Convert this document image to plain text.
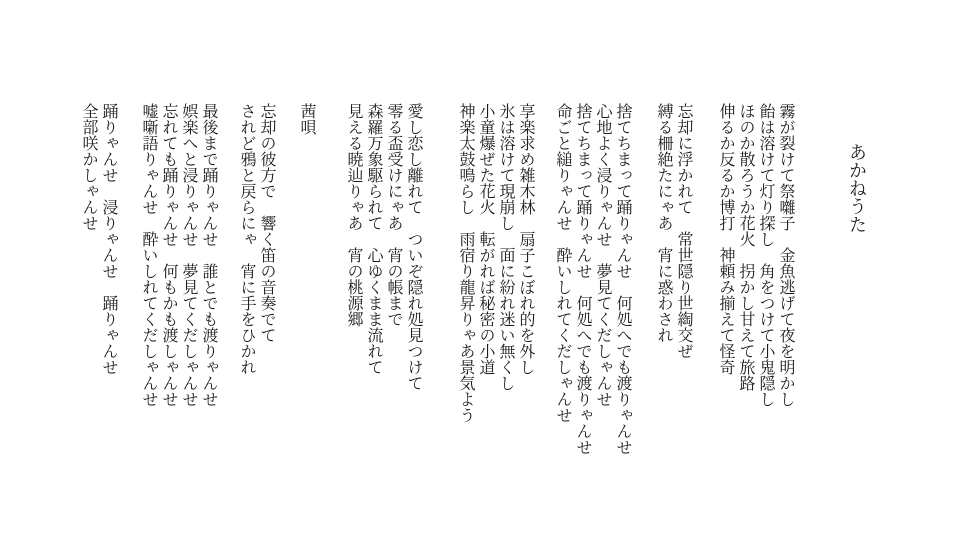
あかねうた
霧が裂けて祭囃子　金魚逃げて夜を明かし
飴は溶けて灯り探し　角をつけて小鬼隠し
ほのか散ろうか花火　拐かし甘えて旅路
伸るか反るか博打　神頼み揃えて怪奇
忘却に浮かれて　常世隠り世綯交ぜ
縛る柵絶たにゃあ　宵に惑わされ
捨てちまって踊りゃんせ　何処へでも渡りゃんせ
心地よく浸りゃんせ　夢見てくだしゃんせ
捨てちまって踊りゃんせ　何処へでも渡りゃんせ
命ごと縋りゃんせ　酔いしれてくだしゃんせ
享楽求め雑木林　扇子こぼれ的を外し
氷は溶けて現崩し　面に紛れ迷い無くし
小童爆ぜた花火　転がれば秘密の小道
神楽太鼓鳴らし　雨宿り龍昇りゃあ景気よう
愛し恋し離れて　ついぞ隠れ処見つけて
零る盃受けにゃあ　宵の帳まで
森羅万象駆られて　心ゆくまま流れて
見える暁辿りゃあ　宵の桃源郷
茜唄
忘却の彼方で　響く笛の音奏でて
されど鴉と戻らにゃ　宵に手をひかれ
最後まで踊りゃんせ　誰とでも渡りゃんせ
娯楽へと浸りゃんせ　夢見てくだしゃんせ
忘れても踊りゃんせ　何もかも渡しゃんせ
嘘噺語りゃんせ　酔いしれてくだしゃんせ
踊りゃんせ　浸りゃんせ　踊りゃんせ
全部咲かしゃんせ
